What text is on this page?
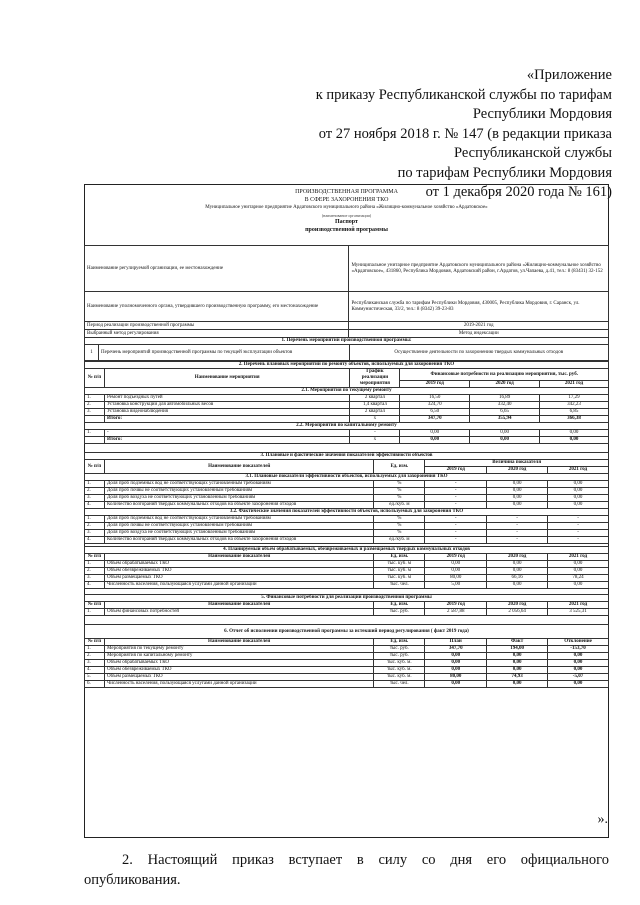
«Приложение
к приказу Республиканской службы по тарифам
Республики Мордовия
от 27 ноября 2018 г. № 147 (в редакции приказа
Республиканской службы
по тарифам Республики Мордовия
от 1 декабря 2020 года № 161)
ПРОИЗВОДСТВЕННАЯ ПРОГРАММА
В СФЕРЕ ЗАХОРОНЕНИЯ ТКО
Муниципальное унитарное предприятие Ардатовского муниципального района «Жилищно-коммунальное хозяйство «Ардатовское»
(наименование организации)
Паспорт
производственной программы
Наименование регулируемой организации, ее местонахождение	Муниципальное унитарное предприятие Ардатовского муниципального района «Жилищно-коммунальное хозяйство «Ардатовское», 431860, Республика Мордовия, Ардатовский район, г.Ардатов, ул.Чапаева, д.41, тел.: 8 (83431) 32-152
Наименование уполномоченного органа, утвердившего производственную программу, его местонахождение	Республиканская служба по тарифам Республики Мордовия, 430005, Республика Мордовия, г. Саранск, ул. Коммунистическая, 33/2, тел.: 8 (8342) 39-23-83
Период реализации производственной программы	2019-2021 год
Выбранный метод регулирования	Метод индексации
1. Перечень мероприятий производственной программы:
1	Перечень мероприятий производственной программы по текущей эксплуатации объектов	Осуществление деятельности по захоронению твердых коммунальных отходов
2. Перечень плановых мероприятий по ремонту объектов, используемых для захоронения ТКО					
№ п/п	Наименование мероприятия	График реализации мероприятия	Финансовые потребности на реализацию мероприятия, тыс. руб.		
			2019 год	2020 год	2021 год
2.1. Мероприятия по текущему ремонту					
1.	Ремонт подъездных путей	2 квартал	16,50	16,89	17,29
2.	Установка конструкции для автомобильных весов	1,4 квартал	324,70	332,40	342,23
3.	Установка видеонаблюдения	2 квартал	6,50	6,65	6,85
	Итого:	х	347,70	355,94	366,38
2.2. Мероприятия по капитальному ремонту					
1.	-	-	0,00	0,00	0,00
	Итого:	х	0,00	0,00	0,00
3. Плановые и фактические значения показателей эффективности объектов					
№ п/п	Наименование показателей	Ед. изм.	Величина показателя		
			2019 год	2020 год	2021 год
3.1. Плановые показатели эффективности объектов, используемых для захоронения ТКО					
1.	Доля проб подземных вод не соответствующих установленным требованиям	%	-	0,00	0,00
2.	Доля проб почвы не соответствующих установленным требованиям	%	-	0,00	0,00
3.	Доля проб воздуха не соответствующих установленным требованиям	%	-	0,00	0,00
4.	Количество возгораний твердых коммунальных отходов на объекте захоронения отходов	ед./куб. м	-	0,00	0,00
3.2. Фактические значения показателей эффективности объектов, используемых для захоронения ТКО					
1.	Доля проб подземных вод не соответствующих установленным требованиям	%	-	-	-
2.	Доля проб почвы не соответствующих установленным требованиям	%	-	-	-
3.	Доля проб воздуха не соответствующих установленным требованиям	%	-	-	-
4.	Количество возгораний твердых коммунальных отходов на объекте захоронения отходов	ед./куб. м	-	-	-
4. Планируемый объем обрабатываемых, обезвреживаемых и размещаемых твердых коммунальных отходов					
№ п/п	Наименование показателей	Ед. изм.	2019 год	2020 год	2021 год
1.	Объем обрабатываемых ТКО	тыс. куб. м	0,00	0,00	0,00
2.	Объем обезвреживаемых ТКО	тыс. куб. м	0,00	0,00	0,00
3.	Объем размещаемых ТКО	тыс. куб. м	80,00	66,16	78,24
4.	Численность населения, пользующаяся услугами данной организации	тыс. чел.	5,00	0,00	0,00
5. Финансовые потребности для реализации производственной программы					
№ п/п	Наименование показателей	Ед. изм.	2019 год	2020 год	2021 год
1.	Объем финансовых потребностей	тыс. руб.	2 587,88	2 056,64	3 525,31
6. Отчет об исполнении производственной программы за истекший период регулирования ( факт 2019 года)					
№ п/п	Наименование показателей	Ед. изм.	План	Факт	Отклонение
1.	Мероприятия по текущему ремонту	тыс. руб.	347,70	194,00	-153,70
2.	Мероприятия по капитальному ремонту	тыс. руб.	0,00	0,00	0,00
3.	Объем обрабатываемых ТКО	тыс. куб. м.	0,00	0,00	0,00
4.	Объем обезвреживаемых ТКО	тыс. куб. м.	0,00	0,00	0,00
5.	Объем размещаемых ТКО	тыс. куб. м.	80,00	74,93	-5,07
6.	Численность населения, пользующаяся услугами данной организации	тыс. чел.	0,00	0,00	0,00
».
2. Настоящий приказ вступает в силу со дня его официального опубликования.
